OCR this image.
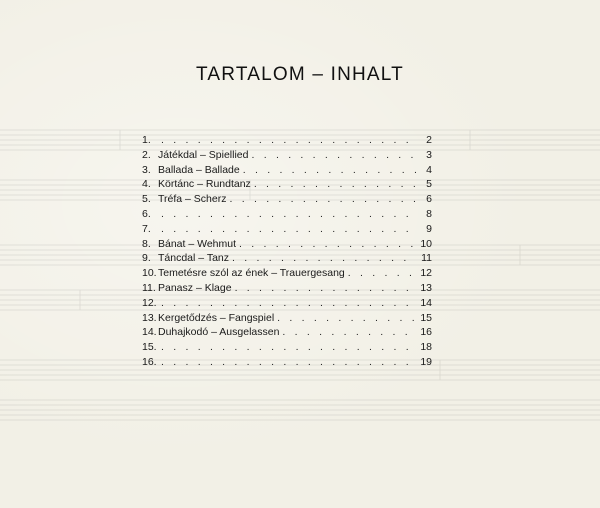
TARTALOM – INHALT
1. . . .	2
2. Játékdal – Spiellied . . .	3
3. Ballada – Ballade . . .	4
4. Körtánc – Rundtanz . . .	5
5. Tréfa – Scherz . . .	6
6. . . .	8
7. . . .	9
8. Bánat – Wehmut . . .	10
9. Táncdal – Tanz . . .	11
10. Temetésre szól az ének – Trauergesang . . .	12
11. Panasz – Klage . . .	13
12. . . .	14
13. Kergetődzés – Fangspiel . . .	15
14. Duhajkodó – Ausgelassen . . .	16
15. . . .	18
16. . . .	19
